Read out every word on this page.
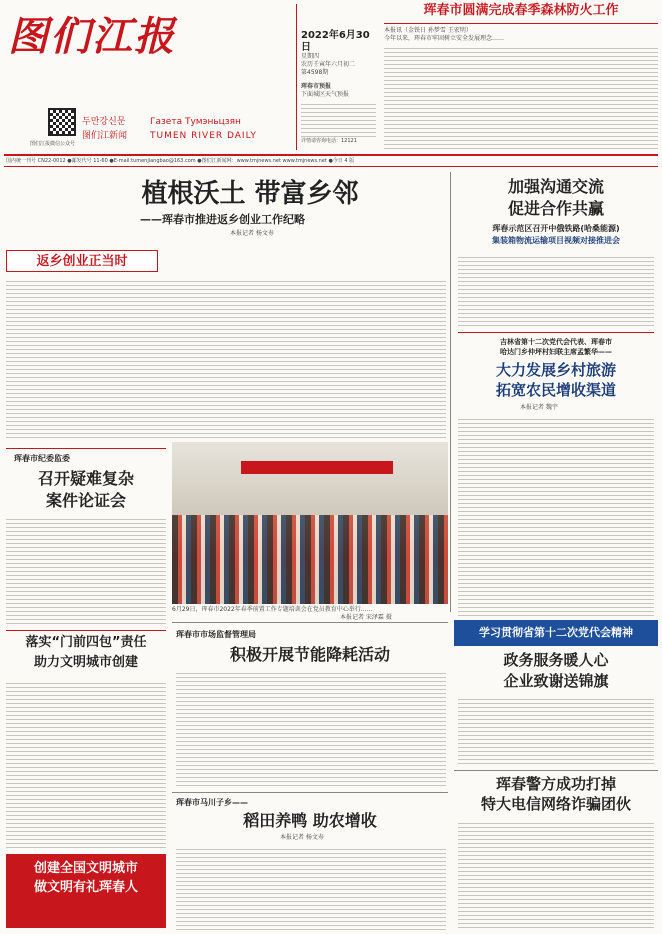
图们江报
图们江报微信公众号
두만강신문	Газета Тумэньцзян
图们江新闻	TUMEN RIVER DAILY
2022年6月30日
星期四
农历壬寅年六月初二
第4598期
珲春市预报
下面城区天气预报
详情请咨询电话：12121
珲春市圆满完成春季森林防火工作
本报讯（金铁日 孙梦雪 王宏明）
今年以来，珲春市牢固树立安全发展理念……
国内统一刊号 CN22-0012 ●邮发代号 11-60 ●E-mail:tumenjiangbao@163.com ●图们江新闻网：www.tmjnews.net www.tmjnews.net ●今日 4 版
植根沃土 带富乡邻
——珲春市推进返乡创业工作纪略
本报记者 杨文寿
返乡创业正当时
加强沟通交流
促进合作共赢
珲春示范区召开中俄铁路(哈桑能源)
集装箱物流运输项目视频对接推进会
吉林省第十二次党代会代表、珲春市
哈达门乡仲坪村妇联主席孟繁华——
大力发展乡村旅游
拓宽农民增收渠道
本报记者 魏宇
珲春市纪委监委
召开疑难复杂
案件论证会
6月29日，珲春市2022年春季前置工作专题培训会在党员教育中心举行……
本报记者 宋泽霖 摄
学习贯彻省第十二次党代会精神
政务服务暖人心
企业致谢送锦旗
落实“门前四包”责任
助力文明城市创建
珲春市市场监督管理局
积极开展节能降耗活动
珲春市马川子乡——
稻田养鸭 助农增收
本报记者 杨文寿
珲春警方成功打掉
特大电信网络诈骗团伙
创建全国文明城市
做文明有礼珲春人
